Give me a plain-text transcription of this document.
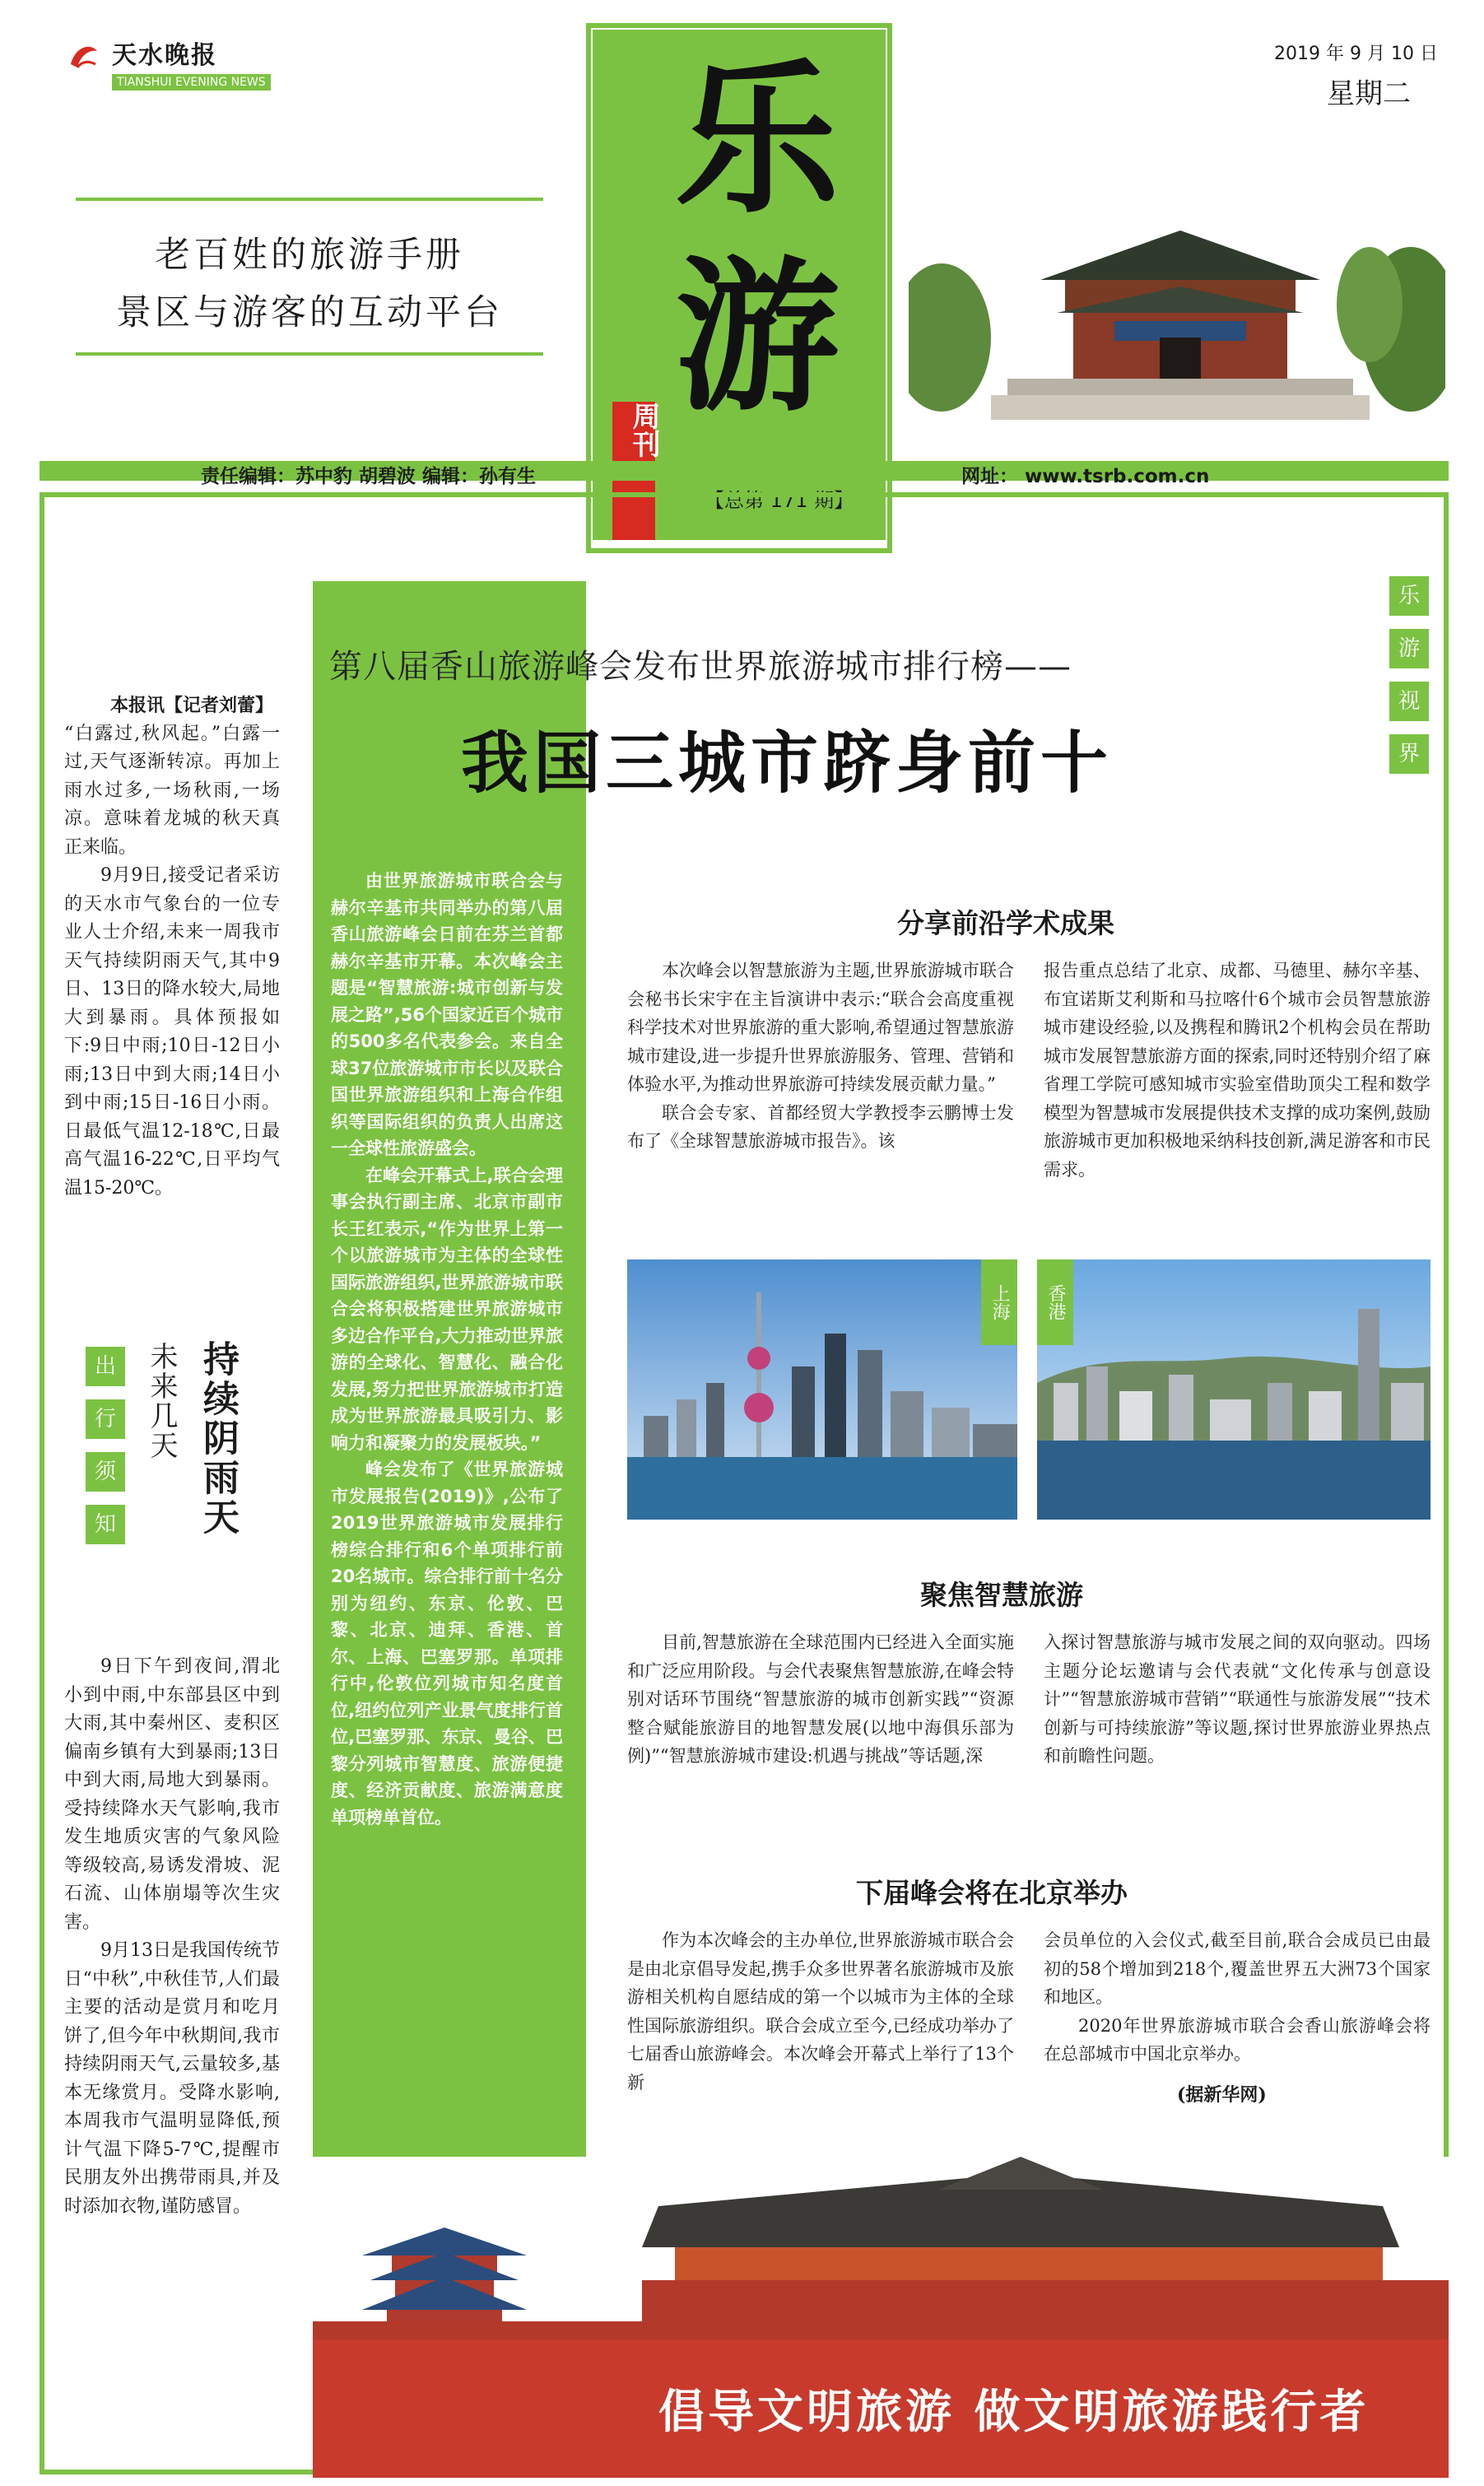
天水晚报
TIANSHUI EVENING NEWS
老百姓的旅游手册
景区与游客的互动平台
乐
游
周刊
【总第 171 期】
2019 年 9 月 10 日
星期二
责任编辑：苏中豹 胡碧波 编辑：孙有生	网址： www.tsrb.com.cn

本报讯【记者刘蕾】

“白露过,秋风起。”白露一过,天气逐渐转凉。再加上雨水过多,一场秋雨,一场凉。意味着龙城的秋天真正来临。

9月9日,接受记者采访的天水市气象台的一位专业人士介绍,未来一周我市天气持续阴雨天气,其中9日、13日的降水较大,局地大到暴雨。具体预报如下:9日中雨;10日-12日小雨;13日中到大雨;14日小到中雨;15日-16日小雨。日最低气温12-18℃,日最高气温16-22℃,日平均气温15-20℃。

出
行
须
知
未来几天 持续阴雨天

9日下午到夜间,渭北小到中雨,中东部县区中到大雨,其中秦州区、麦积区偏南乡镇有大到暴雨;13日中到大雨,局地大到暴雨。受持续降水天气影响,我市发生地质灾害的气象风险等级较高,易诱发滑坡、泥石流、山体崩塌等次生灾害。

9月13日是我国传统节日“中秋”,中秋佳节,人们最主要的活动是赏月和吃月饼了,但今年中秋期间,我市持续阴雨天气,云量较多,基本无缘赏月。受降水影响,本周我市气温明显降低,预计气温下降5-7℃,提醒市民朋友外出携带雨具,并及时添加衣物,谨防感冒。

由世界旅游城市联合会与赫尔辛基市共同举办的第八届香山旅游峰会日前在芬兰首都赫尔辛基市开幕。本次峰会主题是“智慧旅游:城市创新与发展之路”,56个国家近百个城市的500多名代表参会。来自全球37位旅游城市市长以及联合国世界旅游组织和上海合作组织等国际组织的负责人出席这一全球性旅游盛会。

在峰会开幕式上,联合会理事会执行副主席、北京市副市长王红表示,“作为世界上第一个以旅游城市为主体的全球性国际旅游组织,世界旅游城市联合会将积极搭建世界旅游城市多边合作平台,大力推动世界旅游的全球化、智慧化、融合化发展,努力把世界旅游城市打造成为世界旅游最具吸引力、影响力和凝聚力的发展板块。”

峰会发布了《世界旅游城市发展报告(2019)》,公布了2019世界旅游城市发展排行榜综合排行和6个单项排行前20名城市。综合排行前十名分别为纽约、东京、伦敦、巴黎、北京、迪拜、香港、首尔、上海、巴塞罗那。单项排行中,伦敦位列城市知名度首位,纽约位列产业景气度排行首位,巴塞罗那、东京、曼谷、巴黎分列城市智慧度、旅游便捷度、经济贡献度、旅游满意度单项榜单首位。

第八届香山旅游峰会发布世界旅游城市排行榜——
我国三城市跻身前十
乐
游
视
界
分享前沿学术成果

本次峰会以智慧旅游为主题,世界旅游城市联合会秘书长宋宇在主旨演讲中表示:“联合会高度重视科学技术对世界旅游的重大影响,希望通过智慧旅游城市建设,进一步提升世界旅游服务、管理、营销和体验水平,为推动世界旅游可持续发展贡献力量。”

联合会专家、首都经贸大学教授李云鹏博士发布了《全球智慧旅游城市报告》。该

报告重点总结了北京、成都、马德里、赫尔辛基、布宜诺斯艾利斯和马拉喀什6个城市会员智慧旅游城市建设经验,以及携程和腾讯2个机构会员在帮助城市发展智慧旅游方面的探索,同时还特别介绍了麻省理工学院可感知城市实验室借助顶尖工程和数学模型为智慧城市发展提供技术支撑的成功案例,鼓励旅游城市更加积极地采纳科技创新,满足游客和市民需求。

上海	香港
聚焦智慧旅游

目前,智慧旅游在全球范围内已经进入全面实施和广泛应用阶段。与会代表聚焦智慧旅游,在峰会特别对话环节围绕“智慧旅游的城市创新实践”“资源整合赋能旅游目的地智慧发展(以地中海俱乐部为例)”“智慧旅游城市建设:机遇与挑战”等话题,深

入探讨智慧旅游与城市发展之间的双向驱动。四场主题分论坛邀请与会代表就“文化传承与创意设计”“智慧旅游城市营销”“联通性与旅游发展”“技术创新与可持续旅游”等议题,探讨世界旅游业界热点和前瞻性问题。

下届峰会将在北京举办

作为本次峰会的主办单位,世界旅游城市联合会是由北京倡导发起,携手众多世界著名旅游城市及旅游相关机构自愿结成的第一个以城市为主体的全球性国际旅游组织。联合会成立至今,已经成功举办了七届香山旅游峰会。本次峰会开幕式上举行了13个新

会员单位的入会仪式,截至目前,联合会成员已由最初的58个增加到218个,覆盖世界五大洲73个国家和地区。

2020年世界旅游城市联合会香山旅游峰会将在总部城市中国北京举办。

(据新华网)
倡导文明旅游 做文明旅游践行者
